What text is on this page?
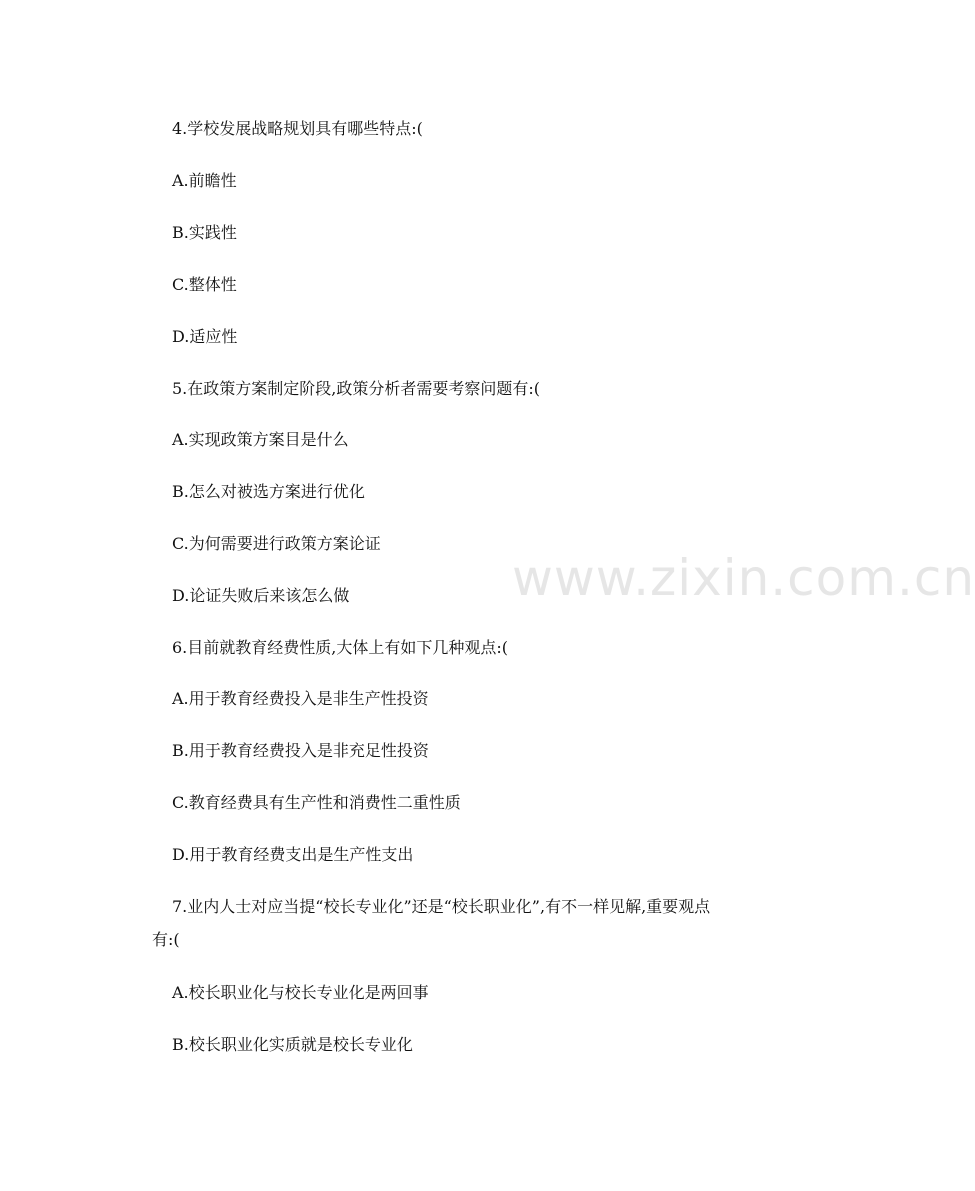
4.学校发展战略规划具有哪些特点:(
A.前瞻性
B.实践性
C.整体性
D.适应性
5.在政策方案制定阶段,政策分析者需要考察问题有:(
A.实现政策方案目是什么
B.怎么对被选方案进行优化
C.为何需要进行政策方案论证
D.论证失败后来该怎么做
6.目前就教育经费性质,大体上有如下几种观点:(
A.用于教育经费投入是非生产性投资
B.用于教育经费投入是非充足性投资
C.教育经费具有生产性和消费性二重性质
D.用于教育经费支出是生产性支出
7.业内人士对应当提“校长专业化”还是“校长职业化”,有不一样见解,重要观点
有:(
A.校长职业化与校长专业化是两回事
B.校长职业化实质就是校长专业化
www.zixin.com.cn
